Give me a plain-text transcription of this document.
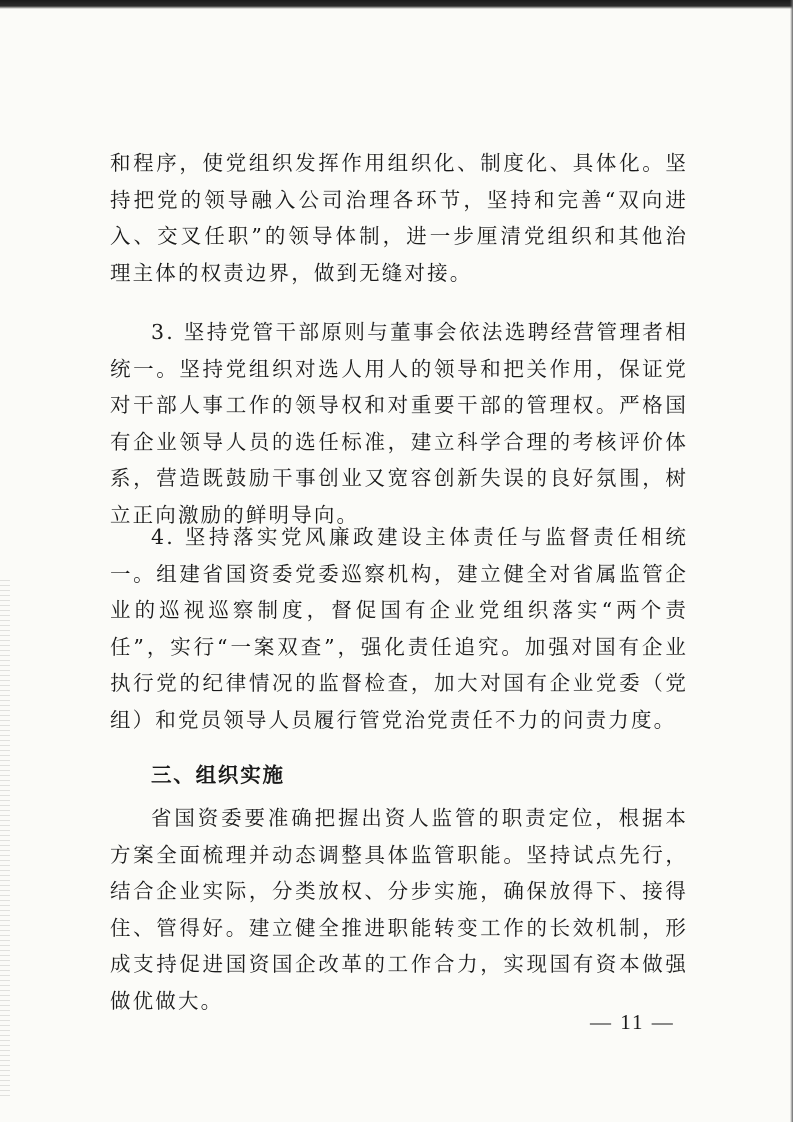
和程序，使党组织发挥作用组织化、制度化、具体化。坚持把党的领导融入公司治理各环节，坚持和完善“双向进入、交叉任职”的领导体制，进一步厘清党组织和其他治理主体的权责边界，做到无缝对接。

3. 坚持党管干部原则与董事会依法选聘经营管理者相统一。坚持党组织对选人用人的领导和把关作用，保证党对干部人事工作的领导权和对重要干部的管理权。严格国有企业领导人员的选任标准，建立科学合理的考核评价体系，营造既鼓励干事创业又宽容创新失误的良好氛围，树立正向激励的鲜明导向。

4. 坚持落实党风廉政建设主体责任与监督责任相统一。组建省国资委党委巡察机构，建立健全对省属监管企业的巡视巡察制度，督促国有企业党组织落实“两个责任”，实行“一案双查”，强化责任追究。加强对国有企业执行党的纪律情况的监督检查，加大对国有企业党委（党组）和党员领导人员履行管党治党责任不力的问责力度。

三、组织实施

省国资委要准确把握出资人监管的职责定位，根据本方案全面梳理并动态调整具体监管职能。坚持试点先行，结合企业实际，分类放权、分步实施，确保放得下、接得住、管得好。建立健全推进职能转变工作的长效机制，形成支持促进国资国企改革的工作合力，实现国有资本做强做优做大。

— 11 —
